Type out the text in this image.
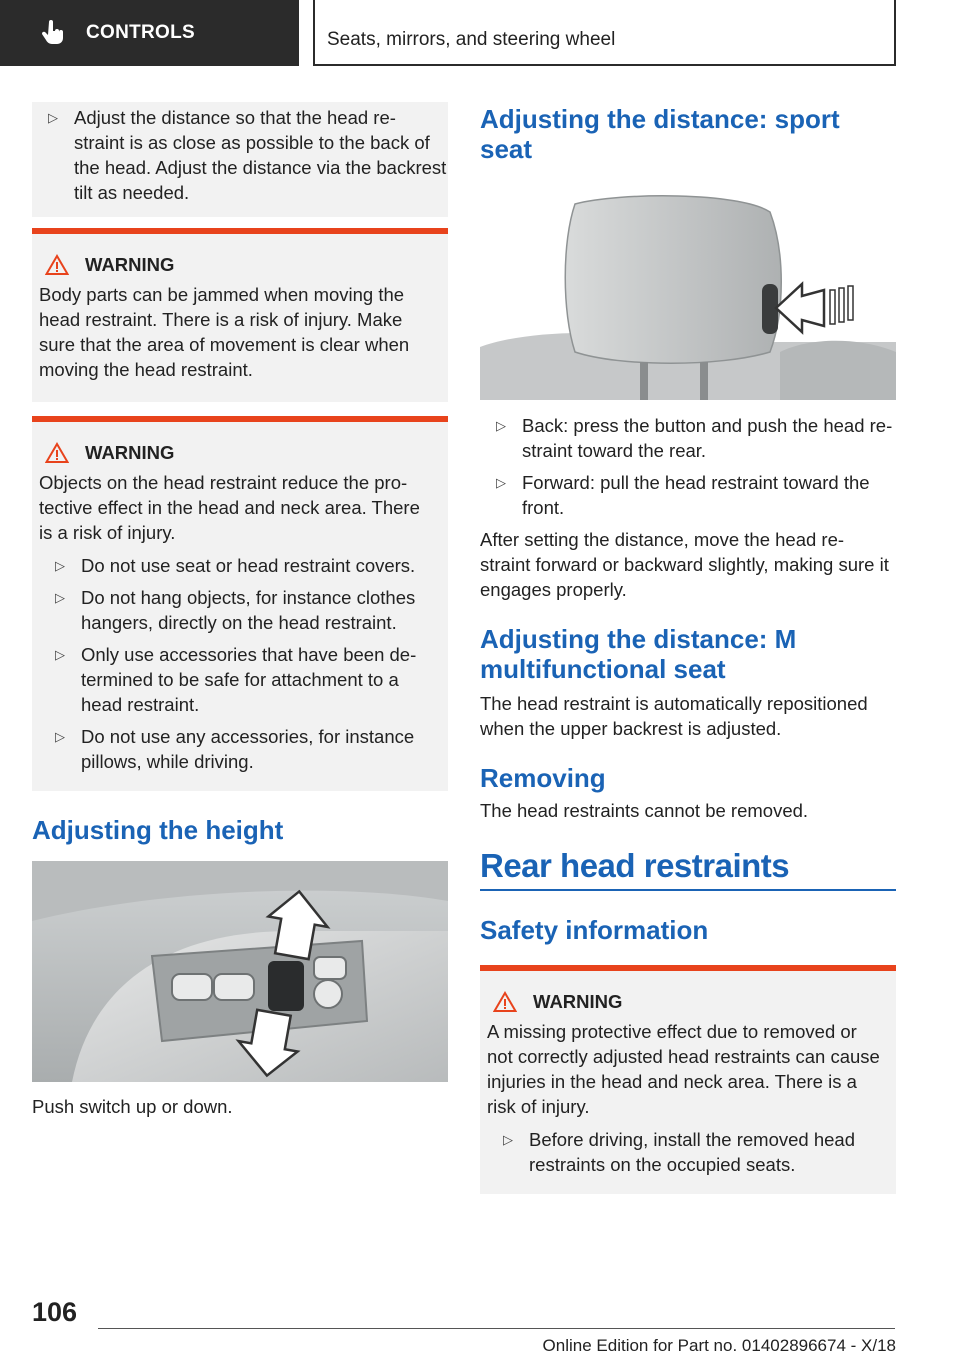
CONTROLS	Seats, mirrors, and steering wheel
▷ Adjust the distance so that the head re‐ straint is as close as possible to the back of the head. Adjust the distance via the backrest tilt as needed.
WARNING

Body parts can be jammed when moving the head restraint. There is a risk of injury. Make sure that the area of movement is clear when moving the head restraint.

WARNING

Objects on the head restraint reduce the pro‐ tective effect in the head and neck area. There is a risk of injury.

▷ Do not use seat or head restraint covers.
▷ Do not hang objects, for instance clothes hangers, directly on the head restraint.
▷ Only use accessories that have been de‐ termined to be safe for attachment to a head restraint.
▷ Do not use any accessories, for instance pillows, while driving.
Adjusting the height

Push switch up or down.

Adjusting the distance: sport seat
▷ Back: press the button and push the head re‐ straint toward the rear.
▷ Forward: pull the head restraint toward the front.

After setting the distance, move the head re‐ straint forward or backward slightly, making sure it engages properly.

Adjusting the distance: M multifunctional seat

The head restraint is automatically repositioned when the upper backrest is adjusted.

Removing

The head restraints cannot be removed.

Rear head restraints
Safety information
WARNING

A missing protective effect due to removed or not correctly adjusted head restraints can cause injuries in the head and neck area. There is a risk of injury.

▷ Before driving, install the removed head restraints on the occupied seats.
106
Online Edition for Part no. 01402896674 - X/18
